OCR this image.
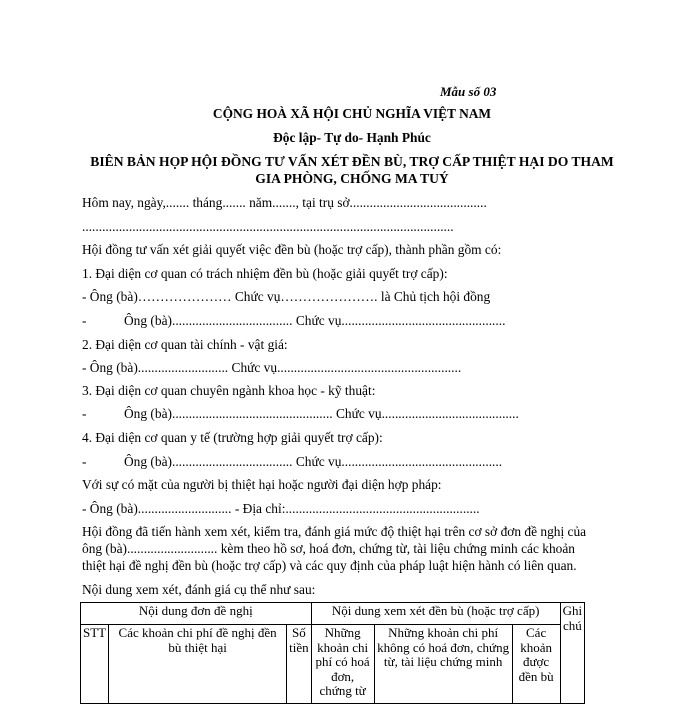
Mẫu số 03
CỘNG HOÀ XÃ HỘI CHỦ NGHĨA VIỆT NAM
Độc lập- Tự do- Hạnh Phúc
BIÊN BẢN HỌP HỘI ĐỒNG TƯ VẤN XÉT ĐỀN BÙ, TRỢ CẤP THIỆT HẠI DO THAM
GIA PHÒNG, CHỐNG MA TUÝ
Hôm nay, ngày,....... tháng....... năm......., tại trụ sở.........................................
...............................................................................................................
Hội đồng tư vấn xét giải quyết việc đền bù (hoặc trợ cấp), thành phần gồm có:
1. Đại diện cơ quan có trách nhiệm đền bù (hoặc giải quyết trợ cấp):
- Ông (bà)………………… Chức vụ…………………. là Chủ tịch hội đồng
-	Ông (bà).................................... Chức vụ.................................................
2. Đại diện cơ quan tài chính - vật giá:
- Ông (bà)........................... Chức vụ.......................................................
3. Đại diện cơ quan chuyên ngành khoa học - kỹ thuật:
-	Ông (bà)................................................ Chức vụ.........................................
4. Đại diện cơ quan y tế (trường hợp giải quyết trợ cấp):
-	Ông (bà).................................... Chức vụ................................................
Với sự có mặt của người bị thiệt hại hoặc người đại diện hợp pháp:
- Ông (bà)............................ - Địa chỉ:..........................................................
Hội đồng đã tiến hành xem xét, kiểm tra, đánh giá mức độ thiệt hại trên cơ sở đơn đề nghị của
ông (bà)........................... kèm theo hồ sơ, hoá đơn, chứng từ, tài liệu chứng minh các khoản
thiệt hại đề nghị đền bù (hoặc trợ cấp) và các quy định của pháp luật hiện hành có liên quan.
Nội dung xem xét, đánh giá cụ thể như sau:
Nội dung đơn đề nghị			Nội dung xem xét đền bù (hoặc trợ cấp)			Ghi chú
STT	Các khoản chi phí đề nghị đền bù thiệt hại	Số tiền	Những khoản chi phí có hoá đơn, chứng từ	Những khoản chi phí không có hoá đơn, chứng từ, tài liệu chứng minh	Các khoản được đền bù	
